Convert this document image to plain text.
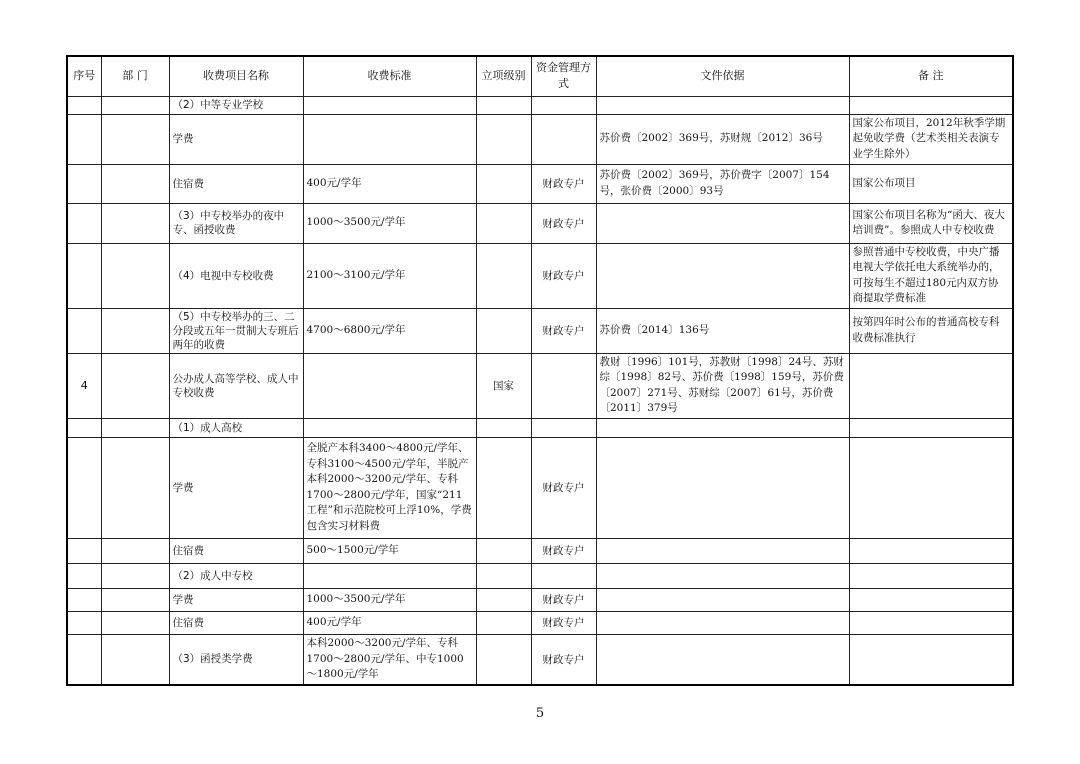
序号	部 门	收费项目名称	收费标准	立项级别	资金管理方式	文件依据	备 注
		（2）中等专业学校					
		学费				苏价费〔2002〕369号，苏财规〔2012〕36号	国家公布项目，2012年秋季学期起免收学费（艺术类相关表演专业学生除外）
		住宿费	400元/学年		财政专户	苏价费〔2002〕369号，苏价费字〔2007〕154号，张价费〔2000〕93号	国家公布项目
		（3）中专校举办的夜中专、函授收费	1000～3500元/学年		财政专户		国家公布项目名称为“函大、夜大培训费”。参照成人中专校收费
		（4）电视中专校收费	2100～3100元/学年		财政专户		参照普通中专校收费，中央广播电视大学依托电大系统举办的，可按每生不超过180元内双方协商提取学费标准
		（5）中专校举办的三、二分段或五年一贯制大专班后两年的收费	4700～6800元/学年		财政专户	苏价费〔2014〕136号	按第四年时公布的普通高校专科收费标准执行
4		公办成人高等学校、成人中专校收费		国家		教财〔1996〕101号，苏教财〔1998〕24号、苏财综〔1998〕82号、苏价费〔1998〕159号，苏价费〔2007〕271号、苏财综〔2007〕61号，苏价费〔2011〕379号	
		（1）成人高校					
		学费	全脱产本科3400～4800元/学年、专科3100～4500元/学年，半脱产本科2000～3200元/学年、专科1700～2800元/学年，国家“211工程”和示范院校可上浮10%，学费包含实习材料费		财政专户		
		住宿费	500～1500元/学年		财政专户		
		（2）成人中专校					
		学费	1000～3500元/学年		财政专户		
		住宿费	400元/学年		财政专户		
		（3）函授类学费	本科2000～3200元/学年、专科1700～2800元/学年、中专1000～1800元/学年		财政专户		
5
